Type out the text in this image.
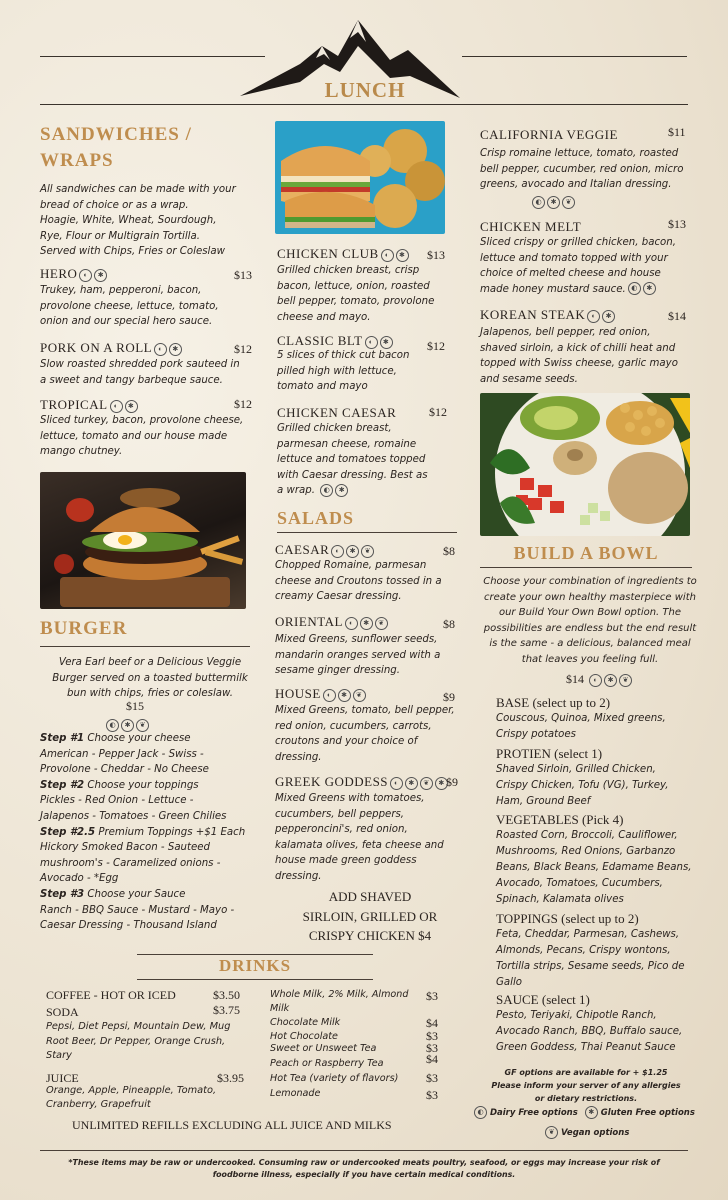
LUNCH
SANDWICHES /
WRAPS
All sandwiches can be made with your
bread of choice or as a wrap.
Hoagie, White, Wheat, Sourdough,
Rye, Flour or Multigrain Tortilla.
Served with Chips, Fries or Coleslaw
HERO ◐ ✱	$13
Trukey, ham, pepperoni, bacon,
provolone cheese, lettuce, tomato,
onion and our special hero sauce.
PORK ON A ROLL ◐ ✱	$12
Slow roasted shredded pork sauteed in
a sweet and tangy barbeque sauce.
TROPICAL ◐ ✱	$12
Sliced turkey, bacon, provolone cheese,
lettuce, tomato and our house made
mango chutney.
BURGER
Vera Earl beef or a Delicious Veggie
Burger served on a toasted buttermilk
bun with chips, fries or coleslaw.
$15
◐ ✱ ❦
Step #1 Choose your cheese
American - Pepper Jack - Swiss -
Provolone - Cheddar - No Cheese
Step #2 Choose your toppings
Pickles - Red Onion - Lettuce -
Jalapenos - Tomatoes - Green Chilies
Step #2.5 Premium Toppings +$1 Each
Hickory Smoked Bacon - Sauteed
mushroom's - Caramelized onions -
Avocado - *Egg
Step #3 Choose your Sauce
Ranch - BBQ Sauce - Mustard - Mayo -
Caesar Dressing - Thousand Island
CHICKEN CLUB ◐ ✱ $13
Grilled chicken breast, crisp
bacon, lettuce, onion, roasted
bell pepper, tomato, provolone
cheese and mayo.
CLASSIC BLT ◐ ✱	$12
5 slices of thick cut bacon
pilled high with lettuce,
tomato and mayo
CHICKEN CAESAR	$12
Grilled chicken breast,
parmesan cheese, romaine
lettuce and tomatoes topped
with Caesar dressing. Best as
a wrap. ◐ ✱
SALADS
CAESAR ◐ ✱ ❦	$8
Chopped Romaine, parmesan
cheese and Croutons tossed in a
creamy Caesar dressing.
ORIENTAL ◐ ✱ ❦	$8
Mixed Greens, sunflower seeds,
mandarin oranges served with a
sesame ginger dressing.
HOUSE ◐ ✱ ❦	$9
Mixed Greens, tomato, bell pepper,
red onion, cucumbers, carrots,
croutons and your choice of
dressing.
GREEK GODDESS ◐ ✱ ❦ ✱ $9
Mixed Greens with tomatoes,
cucumbers, bell peppers,
pepperoncini's, red onion,
kalamata olives, feta cheese and
house made green goddess
dressing.
ADD SHAVED
SIRLOIN, GRILLED OR
CRISPY CHICKEN $4
CALIFORNIA VEGGIE	$11
Crisp romaine lettuce, tomato, roasted
bell pepper, cucumber, red onion, micro
greens, avocado and Italian dressing.
◐ ✱ ❦
CHICKEN MELT	$13
Sliced crispy or grilled chicken, bacon,
lettuce and tomato topped with your
choice of melted cheese and house
made honey mustard sauce. ◐ ✱
KOREAN STEAK ◐ ✱	$14
Jalapenos, bell pepper, red onion,
shaved sirloin, a kick of chilli heat and
topped with Swiss cheese, garlic mayo
and sesame seeds.
BUILD A BOWL
Choose your combination of ingredients to
create your own healthy masterpiece with
our Build Your Own Bowl option. The
possibilities are endless but the end result
is the same - a delicious, balanced meal
that leaves you feeling full.
$14 ◐ ✱ ❦
BASE (select up to 2)
Couscous, Quinoa, Mixed greens,
Crispy potatoes
PROTIEN (select 1)
Shaved Sirloin, Grilled Chicken,
Crispy Chicken, Tofu (VG), Turkey,
Ham, Ground Beef
VEGETABLES (Pick 4)
Roasted Corn, Broccoli, Cauliflower,
Mushrooms, Red Onions, Garbanzo
Beans, Black Beans, Edamame Beans,
Avocado, Tomatoes, Cucumbers,
Spinach, Kalamata olives
TOPPINGS (select up to 2)
Feta, Cheddar, Parmesan, Cashews,
Almonds, Pecans, Crispy wontons,
Tortilla strips, Sesame seeds, Pico de
Gallo
SAUCE (select 1)
Pesto, Teriyaki, Chipotle Ranch,
Avocado Ranch, BBQ, Buffalo sauce,
Green Goddess, Thai Peanut Sauce
GF options are available for + $1.25
Please inform your server of any allergies
or dietary restrictions.
◐ Dairy Free options ✱ Gluten Free options
❦ Vegan options
DRINKS
COFFEE - HOT OR ICED	$3.50
SODA	$3.75
Pepsi, Diet Pepsi, Mountain Dew, Mug
Root Beer, Dr Pepper, Orange Crush,
Stary
JUICE	$3.95
Orange, Apple, Pineapple, Tomato,
Cranberry, Grapefruit
Whole Milk, 2% Milk, Almond
Milk
$3
Chocolate Milk	$4
Hot Chocolate	$3
Sweet or Unsweet Tea	$3
Peach or Raspberry Tea	$4
Hot Tea (variety of flavors) $3
Lemonade	$3
UNLIMITED REFILLS EXCLUDING ALL JUICE AND MILKS
*These items may be raw or undercooked. Consuming raw or undercooked meats poultry, seafood, or eggs may increase your risk of
foodborne illness, especially if you have certain medical conditions.
